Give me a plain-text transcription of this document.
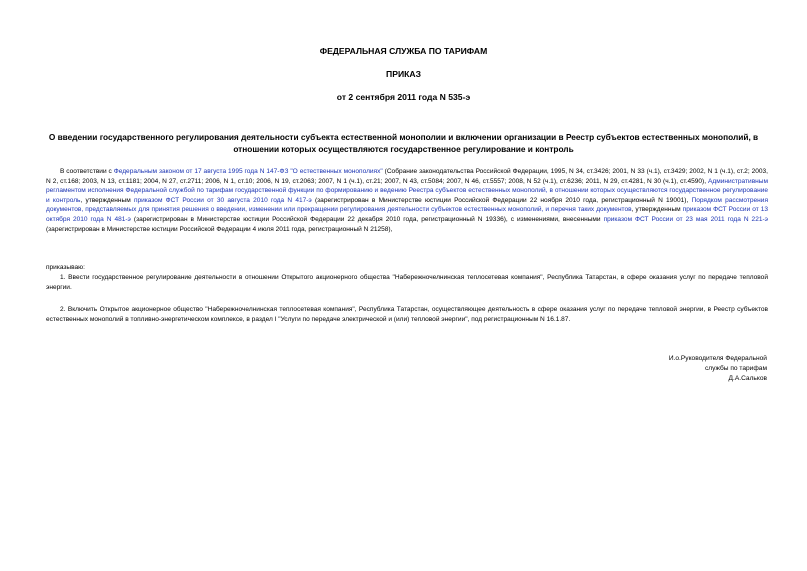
ФЕДЕРАЛЬНАЯ СЛУЖБА ПО ТАРИФАМ
ПРИКАЗ
от 2 сентября 2011 года N 535-э
О введении государственного регулирования деятельности субъекта естественной монополии и включении организации в Реестр субъектов естественных монополий, в отношении которых осуществляются государственное регулирование и контроль
В соответствии с Федеральным законом от 17 августа 1995 года N 147-ФЗ "О естественных монополиях" (Собрание законодательства Российской Федерации, 1995, N 34, ст.3426; 2001, N 33 (ч.1), ст.3429; 2002, N 1 (ч.1), ст.2; 2003, N 2, ст.168; 2003, N 13, ст.1181; 2004, N 27, ст.2711; 2006, N 1, ст.10; 2006, N 19, ст.2063; 2007, N 1 (ч.1), ст.21; 2007, N 43, ст.5084; 2007, N 46, ст.5557; 2008, N 52 (ч.1), ст.6236; 2011, N 29, ст.4281, N 30 (ч.1), ст.4590), Административным регламентом исполнения Федеральной службой по тарифам государственной функции по формированию и ведению Реестра субъектов естественных монополий, в отношении которых осуществляются государственное регулирование и контроль, утвержденным приказом ФСТ России от 30 августа 2010 года N 417-э (зарегистрирован в Министерстве юстиции Российской Федерации 22 ноября 2010 года, регистрационный N 19001), Порядком рассмотрения документов, представляемых для принятия решения о введении, изменении или прекращении регулирования деятельности субъектов естественных монополий, и перечня таких документов, утвержденным приказом ФСТ России от 13 октября 2010 года N 481-э (зарегистрирован в Министерстве юстиции Российской Федерации 22 декабря 2010 года, регистрационный N 19336), с изменениями, внесенными приказом ФСТ России от 23 мая 2011 года N 221-э (зарегистрирован в Министерстве юстиции Российской Федерации 4 июля 2011 года, регистрационный N 21258),
приказываю:
1. Ввести государственное регулирование деятельности в отношении Открытого акционерного общества "Набережночелнинская теплосетевая компания", Республика Татарстан, в сфере оказания услуг по передаче тепловой энергии.
2. Включить Открытое акционерное общество "Набережночелнинская теплосетевая компания", Республика Татарстан, осуществляющее деятельность в сфере оказания услуг по передаче тепловой энергии, в Реестр субъектов естественных монополий в топливно-энергетическом комплексе, в раздел I "Услуги по передаче электрической и (или) тепловой энергии", под регистрационным N 16.1.87.
И.о.Руководителя Федеральной
службы по тарифам
Д.А.Сальков
